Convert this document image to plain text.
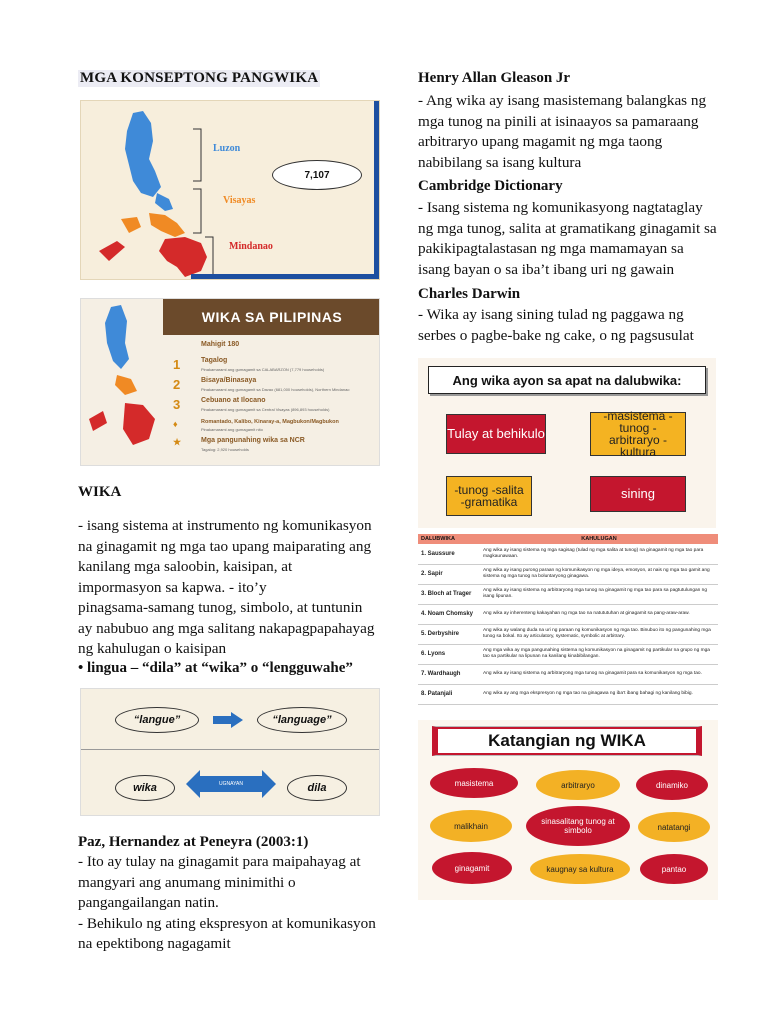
MGA KONSEPTONG PANGWIKA
Luzon
Visayas
Mindanao
7,107
WIKA SA PILIPINAS
Mahigit 180
1	Tagalog
Pinakamarami ang gumagamit sa CALABARZON (7,779 households)
2	Bisaya/Binasaya
Pinakamarami ang gumagamit sa Davao (681,000 households), Northern Mindanao
3	Cebuano at Ilocano
Pinakamarami ang gumagamit sa Central Visayas (896,893 households)
♦	Romantado, Kalibo, Kinaray-a, Magbukon/Magbukon
Pinakamarami ang gumagamit nito
★	Mga pangunahing wika sa NCR
Tagalog: 2,920 households
WIKA
- isang sistema at instrumento ng komunikasyon
na ginagamit ng mga tao upang maiparating ang
kanilang mga saloobin, kaisipan, at
impormasyon sa kapwa. - ito’y
pinagsama-samang tunog, simbolo, at tuntunin
ay nabubuo ang mga salitang nakapagpapahayag
ng kahulugan o kaisipan
• lingua – “dila” at “wika” o “lengguwahe”
“langue”	“language”
wika	UGNAYAN	dila
Paz, Hernandez at Peneyra (2003:1)
- Ito ay tulay na ginagamit para maipahayag at
mangyari ang anumang minimithi o
pangangailangan natin.
- Behikulo ng ating ekspresyon at komunikasyon
na epektibong nagagamit
Henry Allan Gleason Jr
- Ang wika ay isang masistemang balangkas ng
mga tunog na pinili at isinaayos sa pamaraang
arbitraryo upang magamit ng mga taong
nabibilang sa isang kultura
Cambridge Dictionary
- Isang sistema ng komunikasyong nagtataglay
ng mga tunog, salita at gramatikang ginagamit sa
pakikipagtalastasan ng mga mamamayan sa
isang bayan o sa iba’t ibang uri ng gawain
Charles Darwin
- Wika ay isang sining tulad ng paggawa ng
serbes o pagbe-bake ng cake, o ng pagsusulat
Ang wika ayon sa apat na dalubwika:
Tulay at behikulo
-masistema -tunog -arbitraryo -kultura
-tunog -salita -gramatika
sining
DALUBWIKA	KAHULUGAN
1. Saussure	Ang wika ay isang sistema ng mga sagisag (tulad ng mga salita at tunog) na ginagamit ng mga tao para magkaunawaan.
2. Sapir	Ang wika ay isang purong paraan ng komunikasyon ng mga ideya, emosyon, at nais ng mga tao gamit ang sistema ng mga tunog na boluntaryong ginagawa.
3. Bloch at Trager	Ang wika ay isang sistema ng arbitraryong mga tunog na ginagamit ng mga tao para sa pagtutulungan ng isang lipunan.
4. Noam Chomsky	Ang wika ay inherenteng kakayahan ng mga tao na natututuhan at ginagamit sa pang-araw-araw.
5. Derbyshire	Ang wika ay walang duda na uri ng paraan ng komunikasyon ng mga tao. Binubuo ito ng pangunahing mga tunog sa bokal. Ito ay articulatory, systematic, symbolic at arbitrary.
6. Lyons	Ang mga wika ay mga pangunahing sistema ng komunikasyon na ginagamit ng partikular na grupo ng mga tao sa partikular na lipunan na kanilang kinabibilangan.
7. Wardhaugh	Ang wika ay isang sistema ng arbitraryong mga tunog na ginagamit para sa komunikasyon ng mga tao.
8. Patanjali	Ang wika ay ang mga ekspresyon ng mga tao na ginagawa ng iba’t ibang bahagi ng kanilang bibig.
Katangian ng WIKA
masistema	arbitraryo	dinamiko
malikhain	sinasalitang tunog at simbolo	natatangi
ginagamit	kaugnay sa kultura	pantao
